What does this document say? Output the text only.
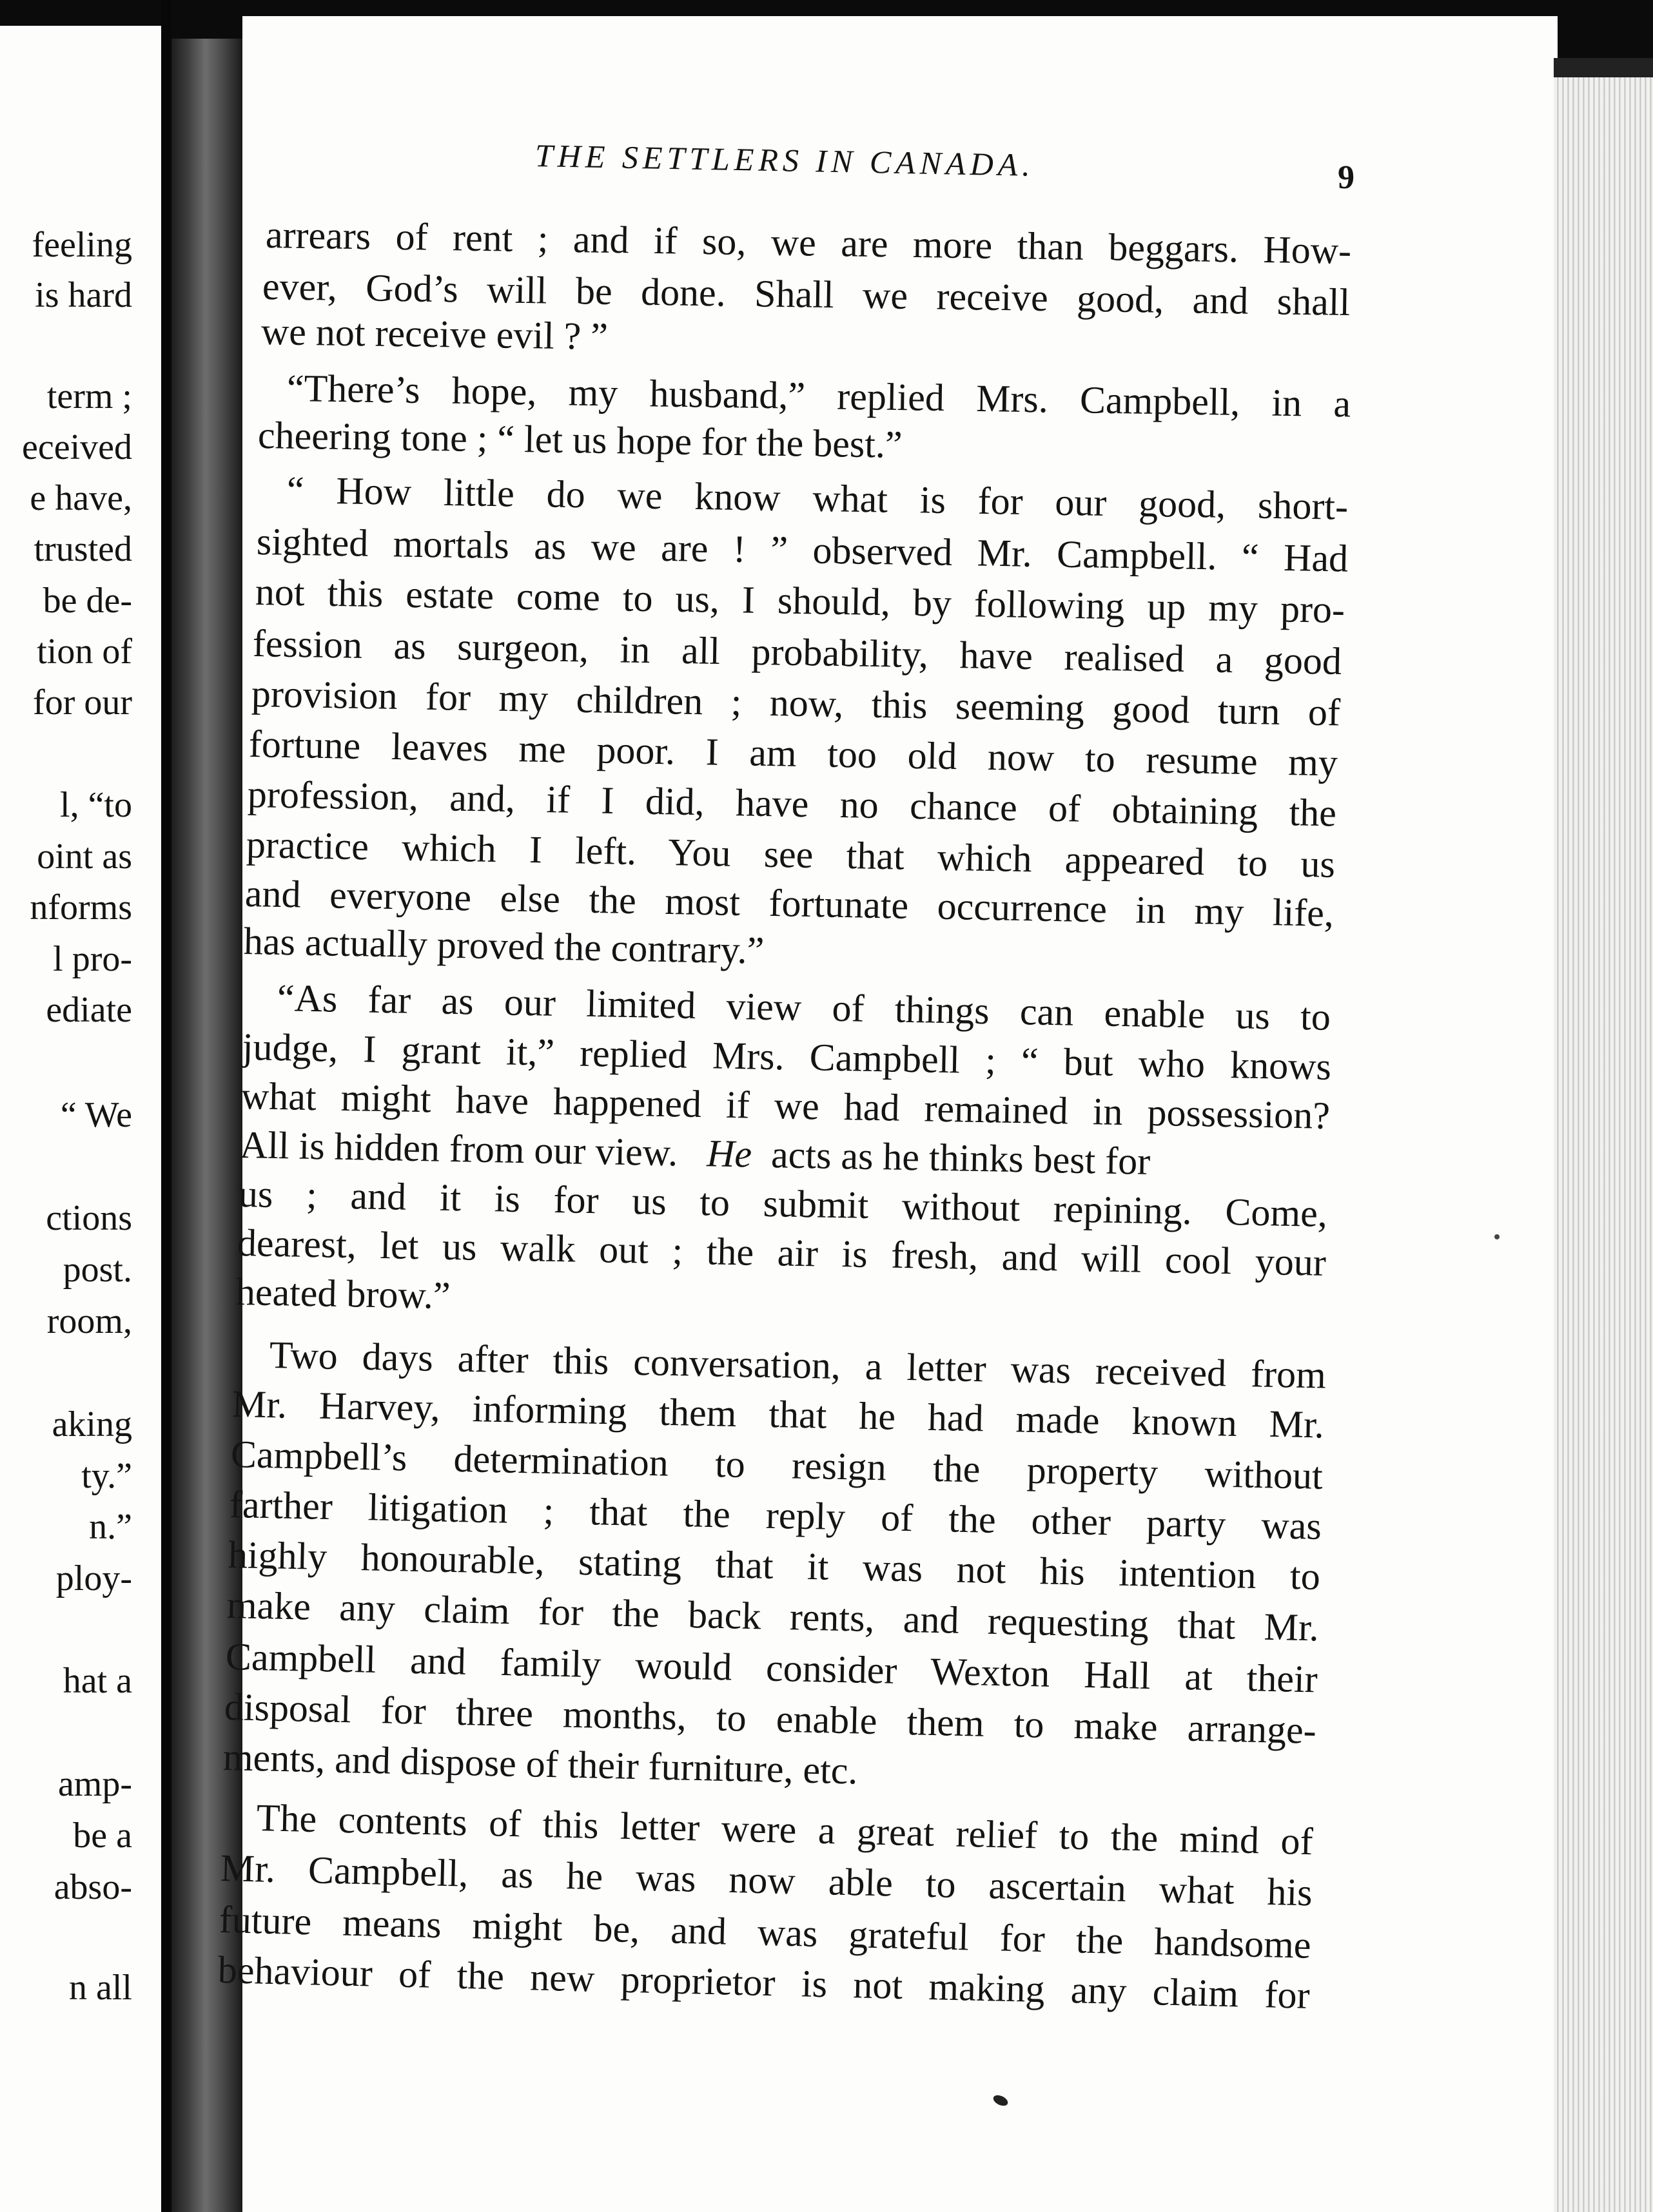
feeling
is hard
term ;
eceived
e have,
trusted
be de-
tion of
for our
l, “to
oint as
nforms
l pro-
ediate
“ We
ctions
post.
room,
aking
ty.”
n.”
ploy-
hat a
amp-
be a
abso-
n all
THE SETTLERS IN CANADA.	9
arrears of rent ; and if so, we are more than beggars. How-
ever, God’s will be done. Shall we receive good, and shall
we not receive evil ? ”
“There’s hope, my husband,” replied Mrs. Campbell, in a
cheering tone ; “ let us hope for the best.”
“ How little do we know what is for our good, short-
sighted mortals as we are ! ” observed Mr. Campbell. “ Had
not this estate come to us, I should, by following up my pro-
fession as surgeon, in all probability, have realised a good
provision for my children ; now, this seeming good turn of
fortune leaves me poor. I am too old now to resume my
profession, and, if I did, have no chance of obtaining the
practice which I left. You see that which appeared to us
and everyone else the most fortunate occurrence in my life,
has actually proved the contrary.”
“As far as our limited view of things can enable us to
judge, I grant it,” replied Mrs. Campbell ; “ but who knows
what might have happened if we had remained in possession?
All is hidden from our view. He acts as he thinks best for
us ; and it is for us to submit without repining. Come,
dearest, let us walk out ; the air is fresh, and will cool your
heated brow.”
Two days after this conversation, a letter was received from
Mr. Harvey, informing them that he had made known Mr.
Campbell’s determination to resign the property without
farther litigation ; that the reply of the other party was
highly honourable, stating that it was not his intention to
make any claim for the back rents, and requesting that Mr.
Campbell and family would consider Wexton Hall at their
disposal for three months, to enable them to make arrange-
ments, and dispose of their furniture, etc.
The contents of this letter were a great relief to the mind of
Mr. Campbell, as he was now able to ascertain what his
future means might be, and was grateful for the handsome
behaviour of the new proprietor is not making any claim for
